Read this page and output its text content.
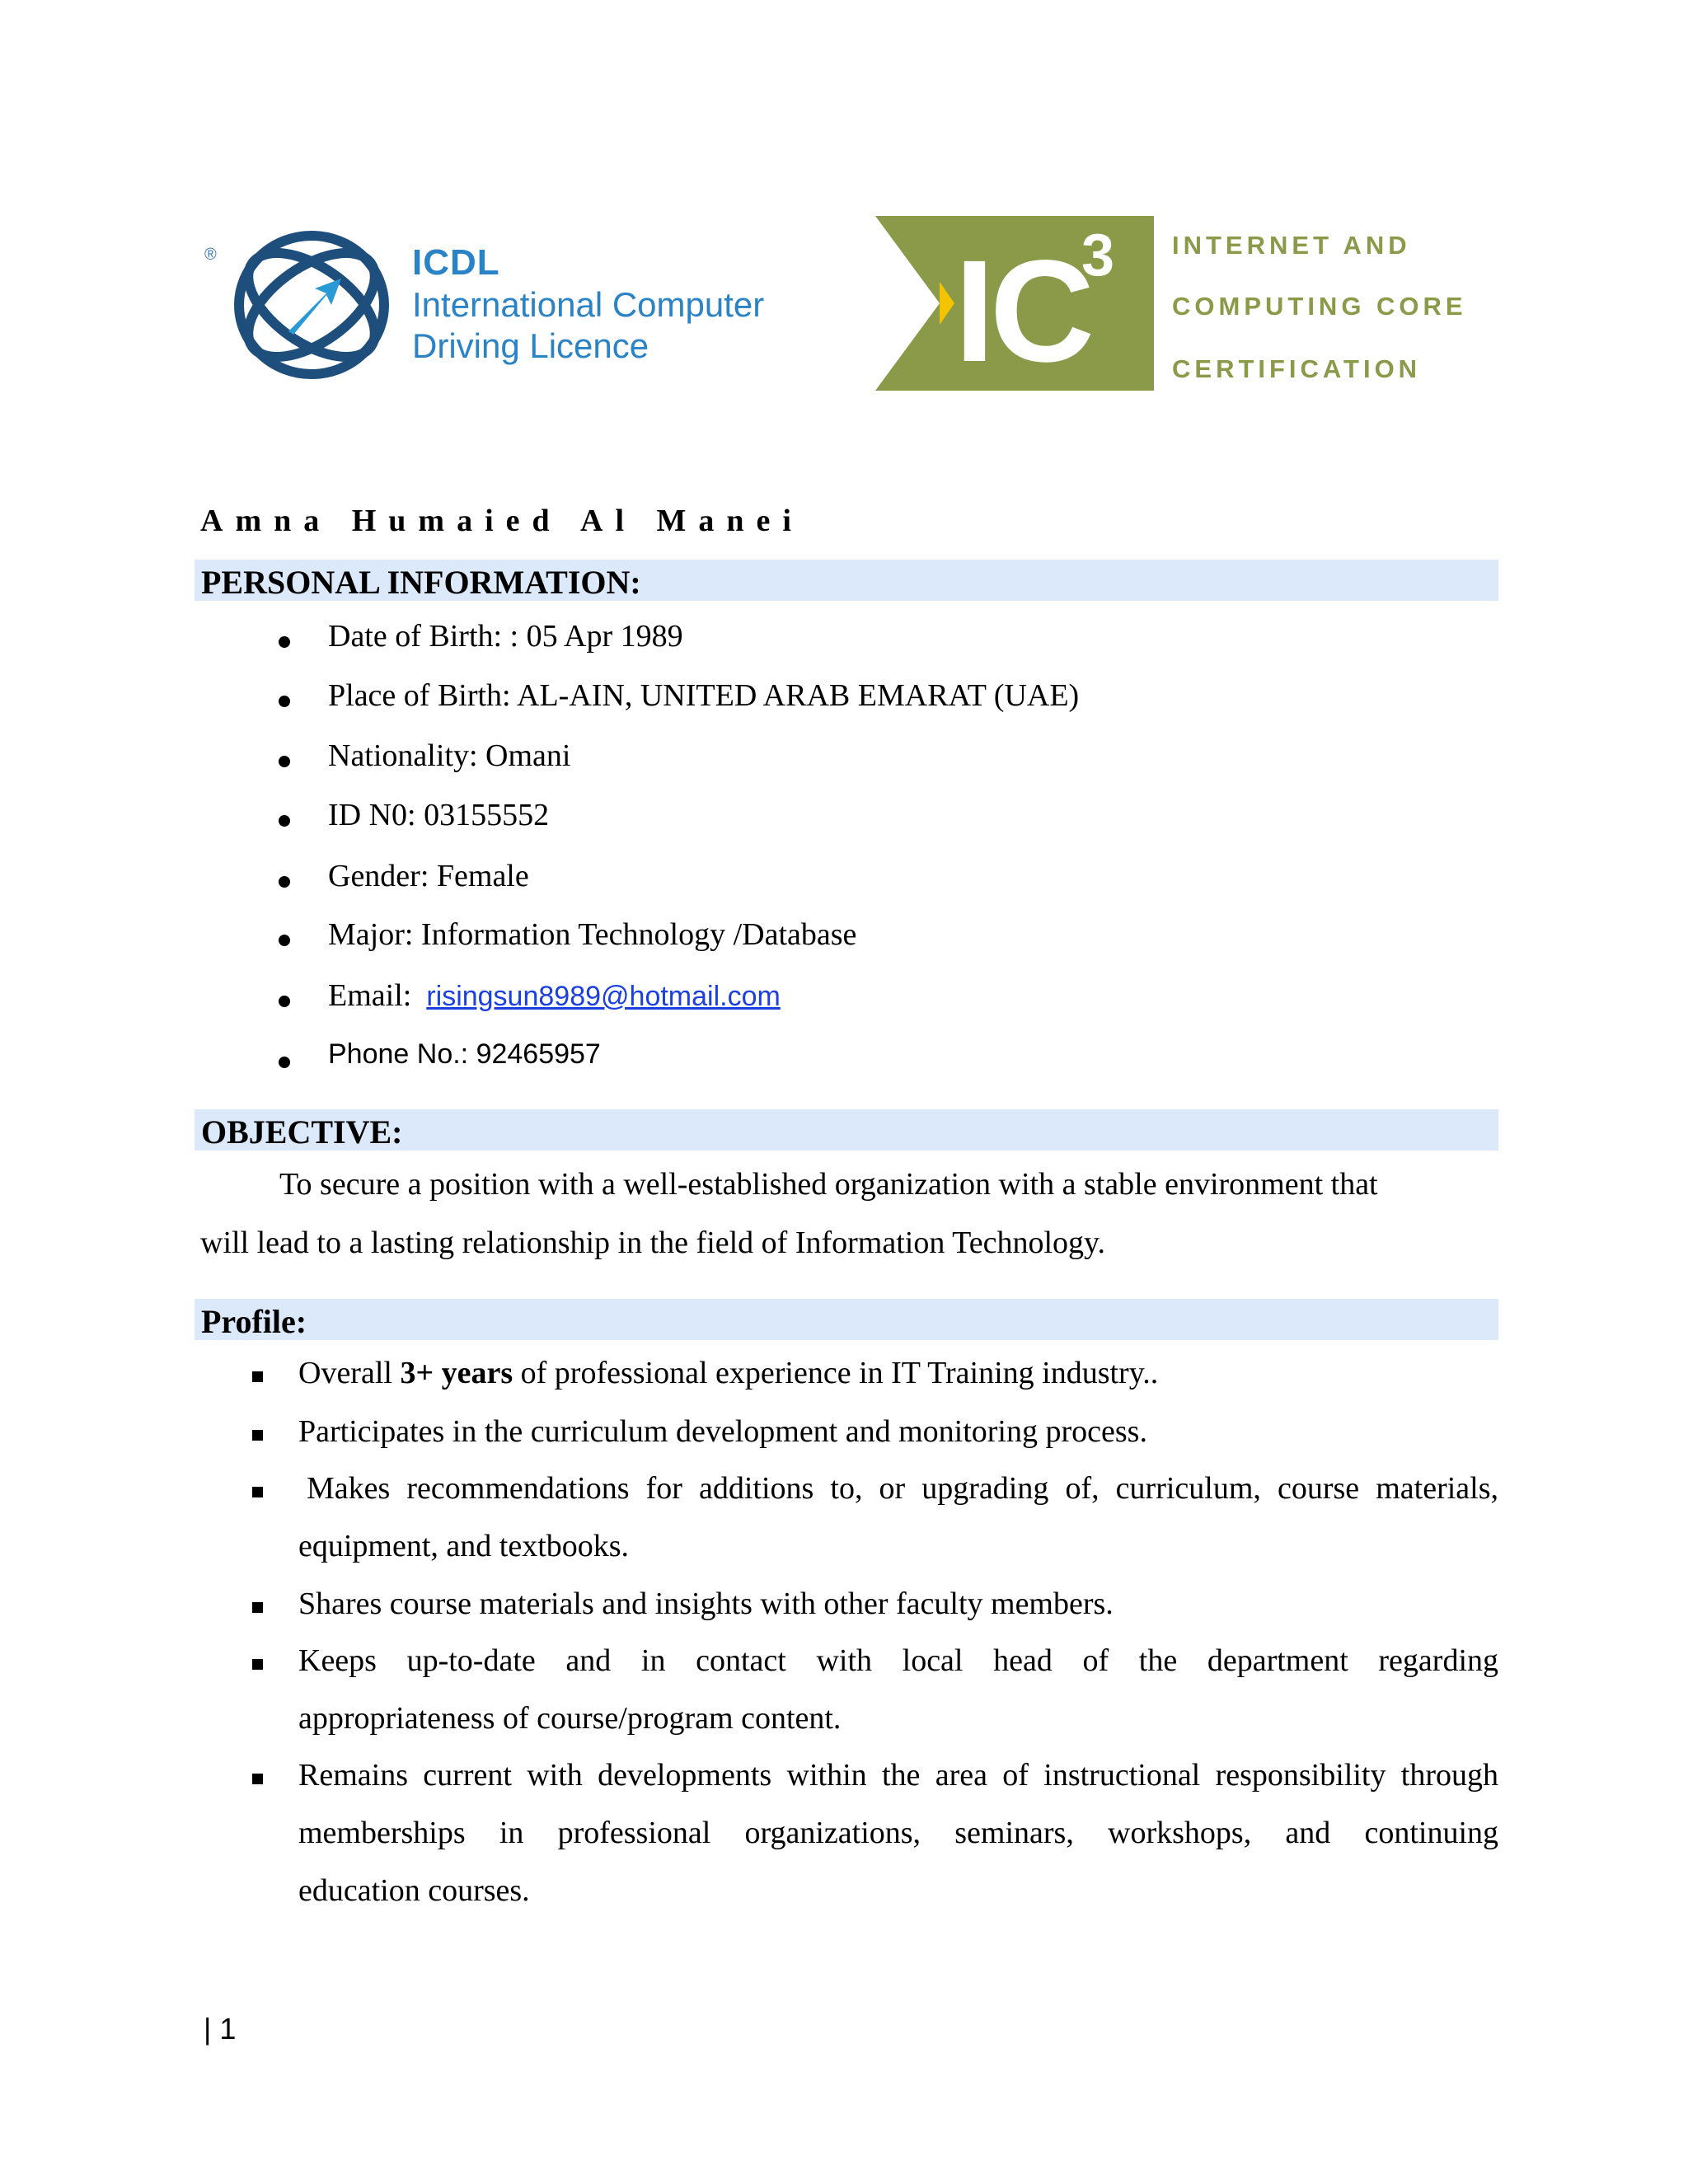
®	ICDL
International Computer
Driving Licence IC
3 INTERNET AND
COMPUTING CORE
CERTIFICATION
Amna Humaied Al Manei
PERSONAL INFORMATION:
Date of Birth: : 05 Apr 1989
Place of Birth: AL-AIN, UNITED ARAB EMARAT (UAE)
Nationality: Omani
ID N0: 03155552
Gender: Female
Major: Information Technology /Database
Email: risingsun8989@hotmail.com
Phone No.: 92465957
OBJECTIVE:
To secure a position with a well-established organization with a stable environment that
will lead to a lasting relationship in the field of Information Technology.
Profile:
Overall 3+ years of professional experience in IT Training industry..
Participates in the curriculum development and monitoring process.
Makes recommendations for additions to, or upgrading of, curriculum, course materials,
equipment, and textbooks.
Shares course materials and insights with other faculty members.
Keeps up-to-date and in contact with local head of the department regarding
appropriateness of course/program content.
Remains current with developments within the area of instructional responsibility through
memberships in professional organizations, seminars, workshops, and continuing
education courses.
| 1
